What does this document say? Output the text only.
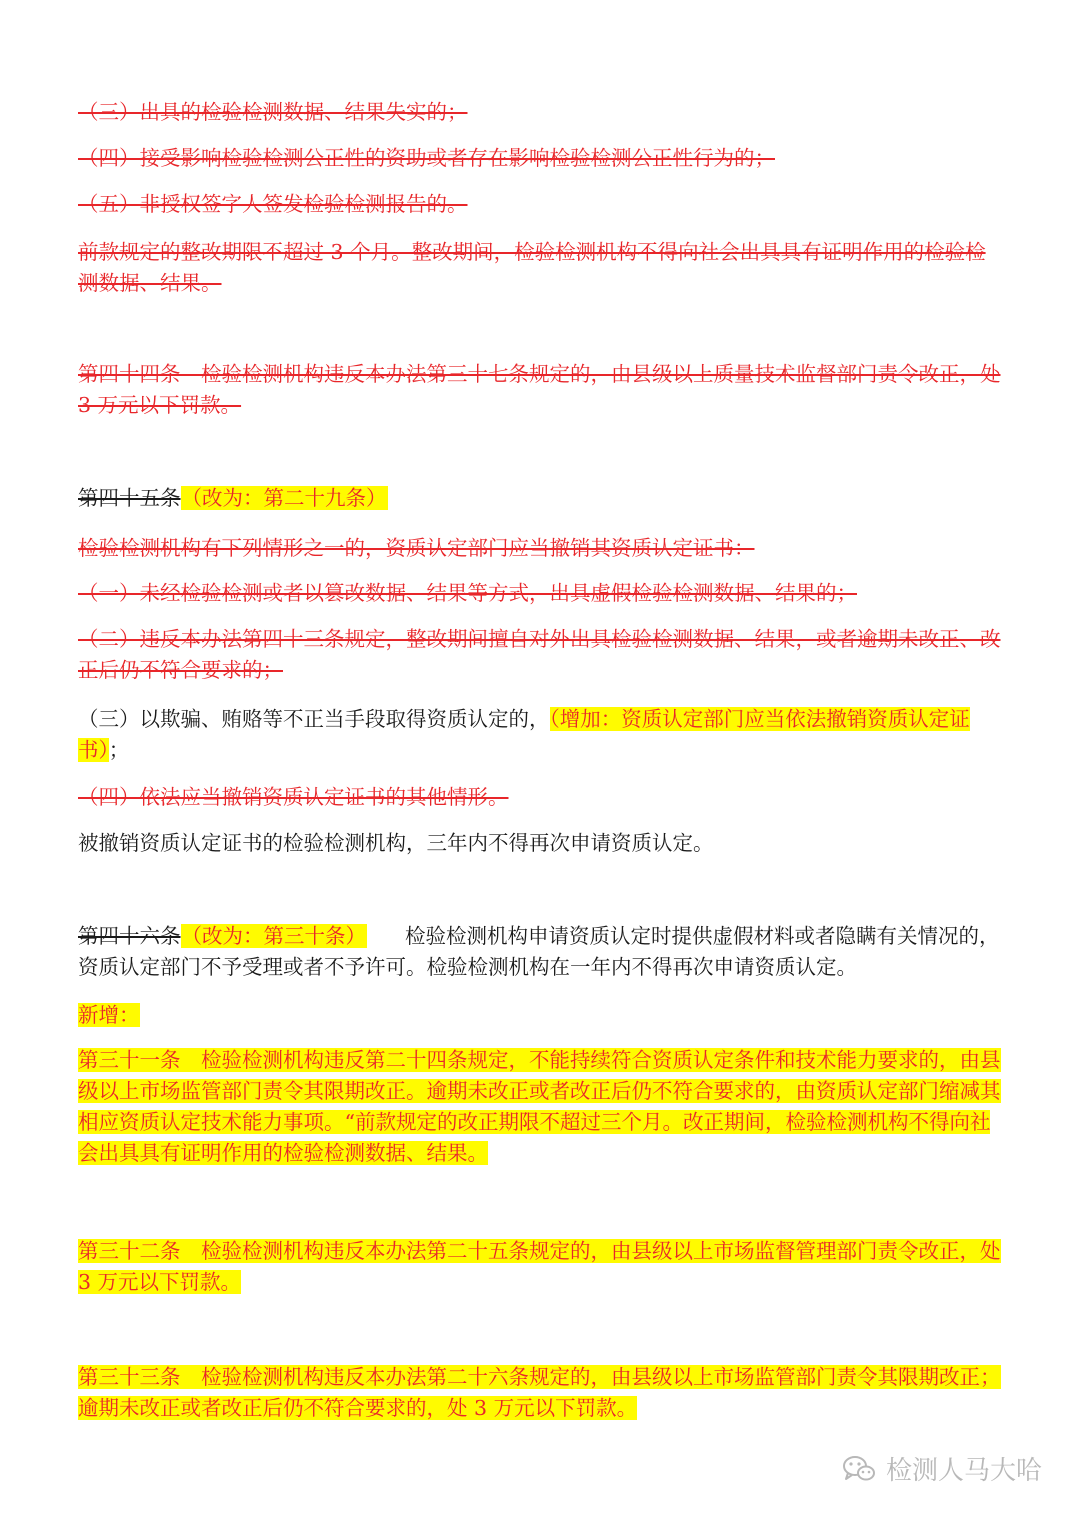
（三）出具的检验检测数据、结果失实的；

（四）接受影响检验检测公正性的资助或者存在影响检验检测公正性行为的；

（五）非授权签字人签发检验检测报告的。

前款规定的整改期限不超过 3 个月。整改期间，检验检测机构不得向社会出具具有证明作用的检验检测数据、结果。

第四十四条　检验检测机构违反本办法第三十七条规定的，由县级以上质量技术监督部门责令改正，处 3 万元以下罚款。

第四十五条（改为：第二十九条）

检验检测机构有下列情形之一的，资质认定部门应当撤销其资质认定证书：

（一）未经检验检测或者以篡改数据、结果等方式，出具虚假检验检测数据、结果的；

（二）违反本办法第四十三条规定，整改期间擅自对外出具检验检测数据、结果，或者逾期未改正、改正后仍不符合要求的；

（三）以欺骗、贿赂等不正当手段取得资质认定的，（增加：资质认定部门应当依法撤销资质认定证书）；

（四）依法应当撤销资质认定证书的其他情形。

被撤销资质认定证书的检验检测机构，三年内不得再次申请资质认定。

第四十六条（改为：第三十条） 检验检测机构申请资质认定时提供虚假材料或者隐瞒有关情况的，资质认定部门不予受理或者不予许可。检验检测机构在一年内不得再次申请资质认定。

新增：

第三十一条　检验检测机构违反第二十四条规定，不能持续符合资质认定条件和技术能力要求的，由县级以上市场监管部门责令其限期改正。逾期未改正或者改正后仍不符合要求的，由资质认定部门缩减其相应资质认定技术能力事项。“前款规定的改正期限不超过三个月。改正期间，检验检测机构不得向社会出具具有证明作用的检验检测数据、结果。

第三十二条　检验检测机构违反本办法第二十五条规定的，由县级以上市场监督管理部门责令改正，处 3 万元以下罚款。

第三十三条　检验检测机构违反本办法第二十六条规定的，由县级以上市场监管部门责令其限期改正；逾期未改正或者改正后仍不符合要求的，处 3 万元以下罚款。

检测人马大哈
